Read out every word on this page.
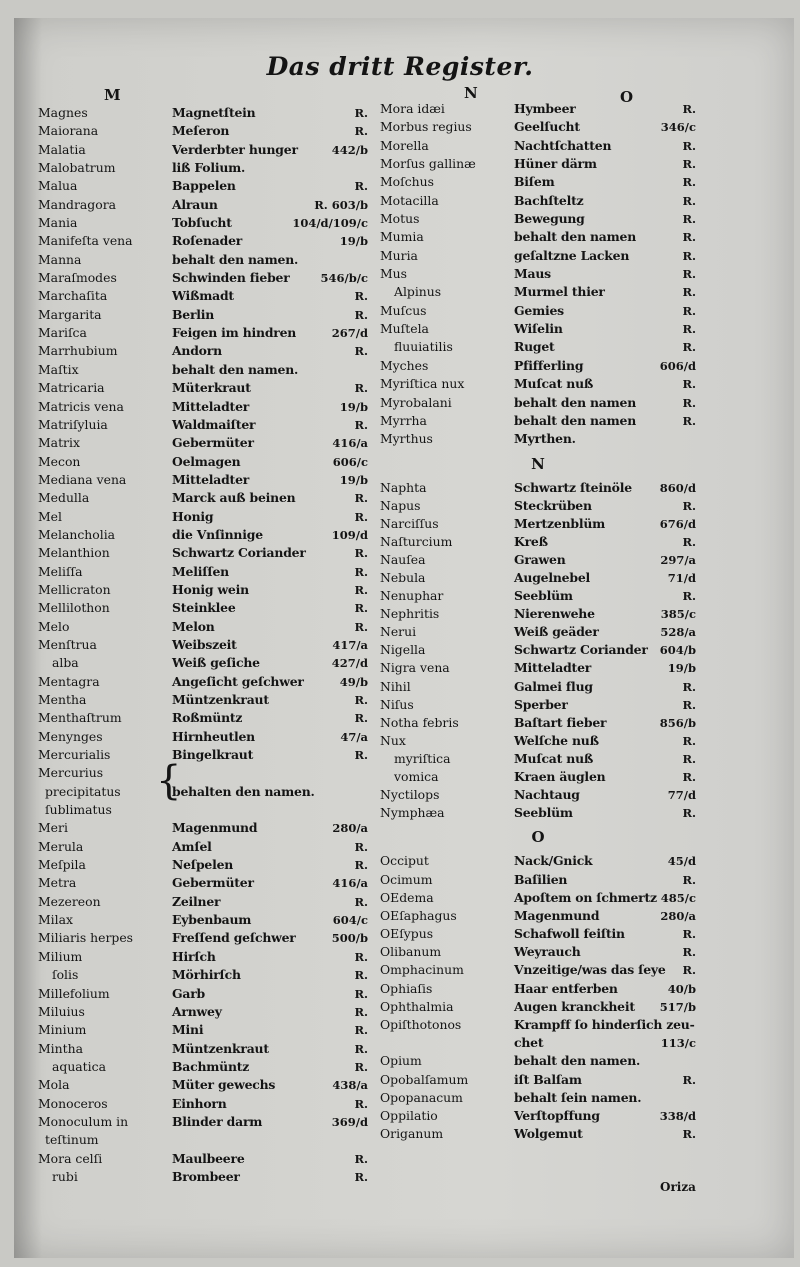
Das dritt Register.
M	N	O
Magnes	Magnetſtein	R.
Maiorana	Meſeron	R.
Malatia	Verderbter hunger	442/b
Malobatrum	liß Folium.
Malua	Bappelen	R.
Mandragora	Alraun	R. 603/b
Mania	Tobſucht	104/d/109/c
Manifeſta vena	Roſenader	19/b
Manna	behalt den namen.
Maraſmodes	Schwinden fieber	546/b/c
Marchaſita	Wißmadt	R.
Margarita	Berlin	R.
Mariſca	Feigen im hindren	267/d
Marrhubium	Andorn	R.
Maſtix	behalt den namen.
Matricaria	Müterkraut	R.
Matricis vena	Mitteladter	19/b
Matriſyluia	Waldmaiſter	R.
Matrix	Gebermüter	416/a
Mecon	Oelmagen	606/c
Mediana vena	Mitteladter	19/b
Medulla	Marck auß beinen	R.
Mel	Honig	R.
Melancholia	die Vnſinnige	109/d
Melanthion	Schwartz Coriander	R.
Meliſſa	Meliſſen	R.
Mellicraton	Honig wein	R.
Mellilothon	Steinklee	R.
Melo	Melon	R.
Menſtrua	Weibszeit	417/a
alba	Weiß geſiche	427/d
Mentagra	Angeſicht geſchwer	49/b
Mentha	Müntzenkraut	R.
Menthaſtrum	Roßmüntz	R.
Menynges	Hirnheutlen	47/a
Mercurialis	Bingelkraut	R.
Mercurius
precipitatus	behalten den namen.
ſublimatus
Meri	Magenmund	280/a
Merula	Amſel	R.
Meſpila	Neſpelen	R.
Metra	Gebermüter	416/a
Mezereon	Zeilner	R.
Milax	Eybenbaum	604/c
Miliaris herpes	Freſſend geſchwer	500/b
Milium	Hirſch	R.
ſolis	Mörhirſch	R.
Millefolium	Garb	R.
Miluius	Arnwey	R.
Minium	Mini	R.
Mintha	Müntzenkraut	R.
aquatica	Bachmüntz	R.
Mola	Müter gewechs	438/a
Monoceros	Einhorn	R.
Monoculum in	Blinder darm	369/d
teſtinum
Mora celſi	Maulbeere	R.
rubi	Brombeer	R.
{
Mora idæi	Hymbeer	R.
Morbus regius	Geelſucht	346/c
Morella	Nachtſchatten	R.
Morſus gallinæ	Hüner därm	R.
Moſchus	Biſem	R.
Motacilla	Bachſteltz	R.
Motus	Bewegung	R.
Mumia	behalt den namen	R.
Muria	geſaltzne Lacken	R.
Mus	Maus	R.
Alpinus	Murmel thier	R.
Muſcus	Gemies	R.
Muſtela	Wiſelin	R.
fluuiatilis	Ruget	R.
Myches	Pfifferling	606/d
Myriſtica nux	Muſcat nuß	R.
Myrobalani	behalt den namen	R.
Myrrha	behalt den namen	R.
Myrthus	Myrthen.
N
Naphta	Schwartz ſteinöle 860/d
Napus	Steckrüben	R.
Narciſſus	Mertzenblüm	676/d
Naſturcium	Kreß	R.
Nauſea	Grawen	297/a
Nebula	Augelnebel	71/d
Nenuphar	Seeblüm	R.
Nephritis	Nierenwehe	385/c
Nerui	Weiß geäder	528/a
Nigella	Schwartz Coriander 604/b
Nigra vena	Mitteladter	19/b
Nihil	Galmei flug	R.
Niſus	Sperber	R.
Notha febris	Baſtart fieber	856/b
Nux	Welſche nuß	R.
myriſtica	Muſcat nuß	R.
vomica	Kraen äuglen	R.
Nyctilops	Nachtaug	77/d
Nymphæa	Seeblüm	R.
O
Occiput	Nack/Gnick	45/d
Ocimum	Baſilien	R.
OEdema	Apoſtem on ſchmertz 485/c
OEſaphagus	Magenmund	280/a
OEſypus	Schafwoll feiſtin	R.
Olibanum	Weyrauch	R.
Omphacinum	Vnzeitige/was das ſeye R.
Ophiaſis	Haar entferben	40/b
Ophthalmia	Augen kranckheit 517/b
Opiſthotonos	Krampff ſo hinderſich zeu-
chet	113/c
Opium	behalt den namen.
Opobalſamum	iſt Balſam	R.
Opopanacum	behalt ſein namen.
Oppilatio	Verſtopffung	338/d
Origanum	Wolgemut	R.
Oriza
